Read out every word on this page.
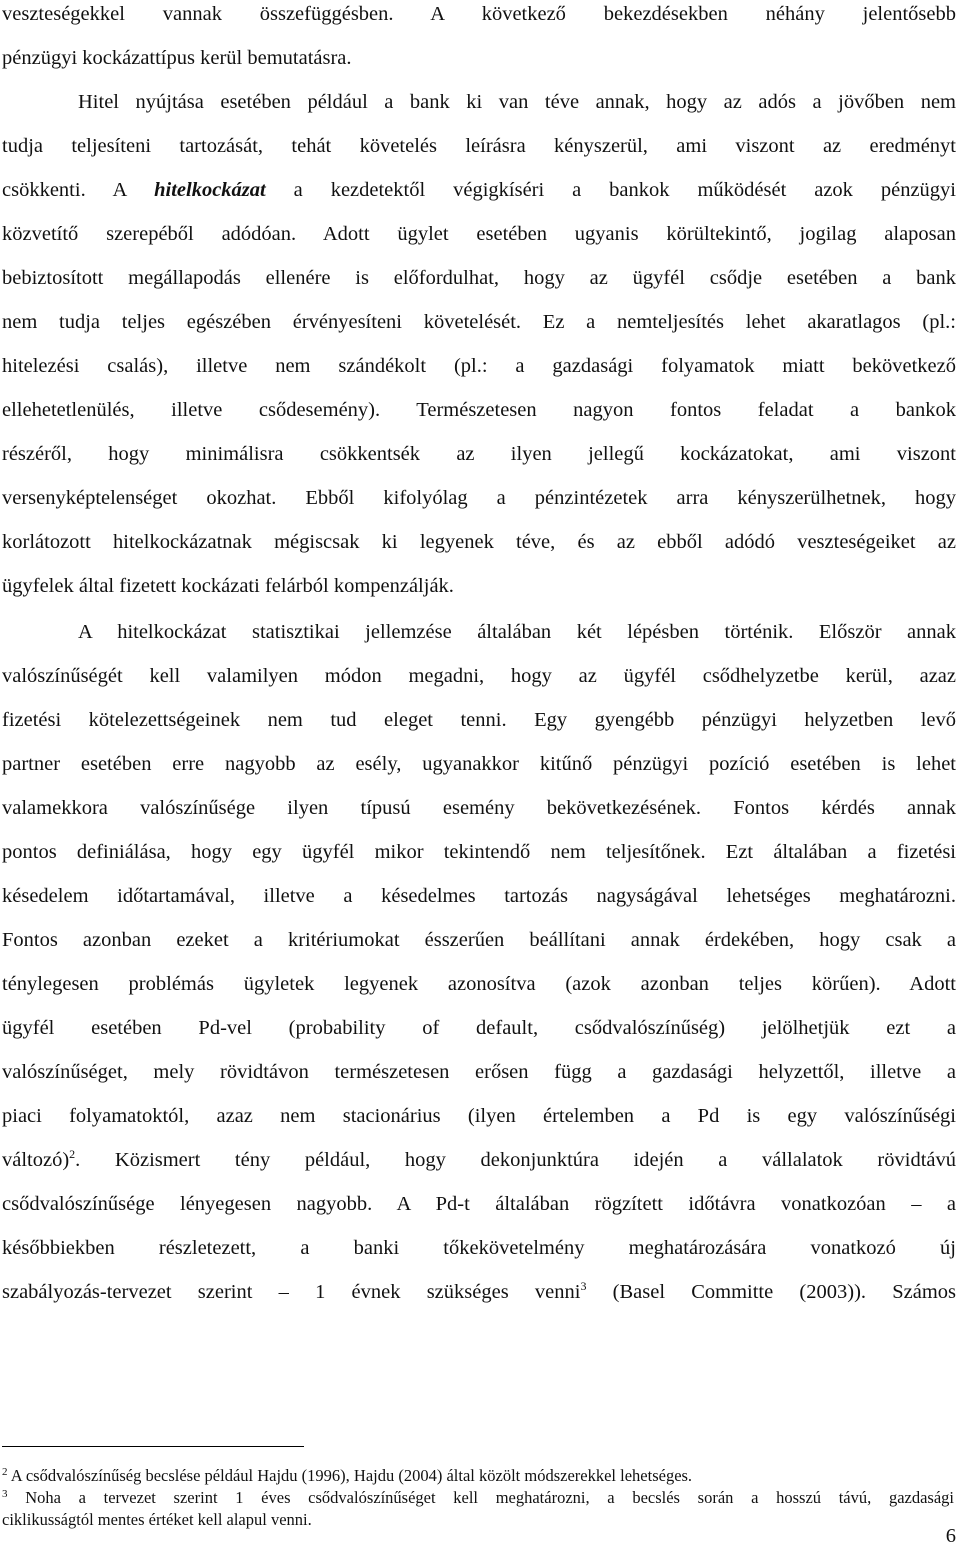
veszteségekkel vannak összefüggésben. A következő bekezdésekben néhány jelentősebb
pénzügyi kockázattípus kerül bemutatásra.
Hitel nyújtása esetében például a bank ki van téve annak, hogy az adós a jövőben nem
tudja teljesíteni tartozását, tehát követelés leírásra kényszerül, ami viszont az eredményt
csökkenti. A hitelkockázat a kezdetektől végigkíséri a bankok működését azok pénzügyi
közvetítő szerepéből adódóan. Adott ügylet esetében ugyanis körültekintő, jogilag alaposan
bebiztosított megállapodás ellenére is előfordulhat, hogy az ügyfél csődje esetében a bank
nem tudja teljes egészében érvényesíteni követelését. Ez a nemteljesítés lehet akaratlagos (pl.:
hitelezési csalás), illetve nem szándékolt (pl.: a gazdasági folyamatok miatt bekövetkező
ellehetetlenülés, illetve csődesemény). Természetesen nagyon fontos feladat a bankok
részéről, hogy minimálisra csökkentsék az ilyen jellegű kockázatokat, ami viszont
versenyképtelenséget okozhat. Ebből kifolyólag a pénzintézetek arra kényszerülhetnek, hogy
korlátozott hitelkockázatnak mégiscsak ki legyenek téve, és az ebből adódó veszteségeiket az
ügyfelek által fizetett kockázati felárból kompenzálják.
A hitelkockázat statisztikai jellemzése általában két lépésben történik. Először annak
valószínűségét kell valamilyen módon megadni, hogy az ügyfél csődhelyzetbe kerül, azaz
fizetési kötelezettségeinek nem tud eleget tenni. Egy gyengébb pénzügyi helyzetben levő
partner esetében erre nagyobb az esély, ugyanakkor kitűnő pénzügyi pozíció esetében is lehet
valamekkora valószínűsége ilyen típusú esemény bekövetkezésének. Fontos kérdés annak
pontos definiálása, hogy egy ügyfél mikor tekintendő nem teljesítőnek. Ezt általában a fizetési
késedelem időtartamával, illetve a késedelmes tartozás nagyságával lehetséges meghatározni.
Fontos azonban ezeket a kritériumokat ésszerűen beállítani annak érdekében, hogy csak a
ténylegesen problémás ügyletek legyenek azonosítva (azok azonban teljes körűen). Adott
ügyfél esetében Pd-vel (probability of default, csődvalószínűség) jelölhetjük ezt a
valószínűséget, mely rövidtávon természetesen erősen függ a gazdasági helyzettől, illetve a
piaci folyamatoktól, azaz nem stacionárius (ilyen értelemben a Pd is egy valószínűségi
változó)$^2$. Közismert tény például, hogy dekonjunktúra idején a vállalatok rövidtávú
csődvalószínűsége lényegesen nagyobb. A Pd-t általában rögzített időtávra vonatkozóan – a
későbbiekben részletezett, a banki tőkekövetelmény meghatározására vonatkozó új
szabályozás-tervezet szerint – 1 évnek szükséges venni$^3$ (Basel Committe (2003)). Számos
$^2$ A csődvalószínűség becslése például Hajdu (1996), Hajdu (2004) által közölt módszerekkel lehetséges.
$^3$ Noha a tervezet szerint 1 éves csődvalószínűséget kell meghatározni, a becslés során a hosszú távú, gazdasági
ciklikusságtól mentes értéket kell alapul venni.
6
